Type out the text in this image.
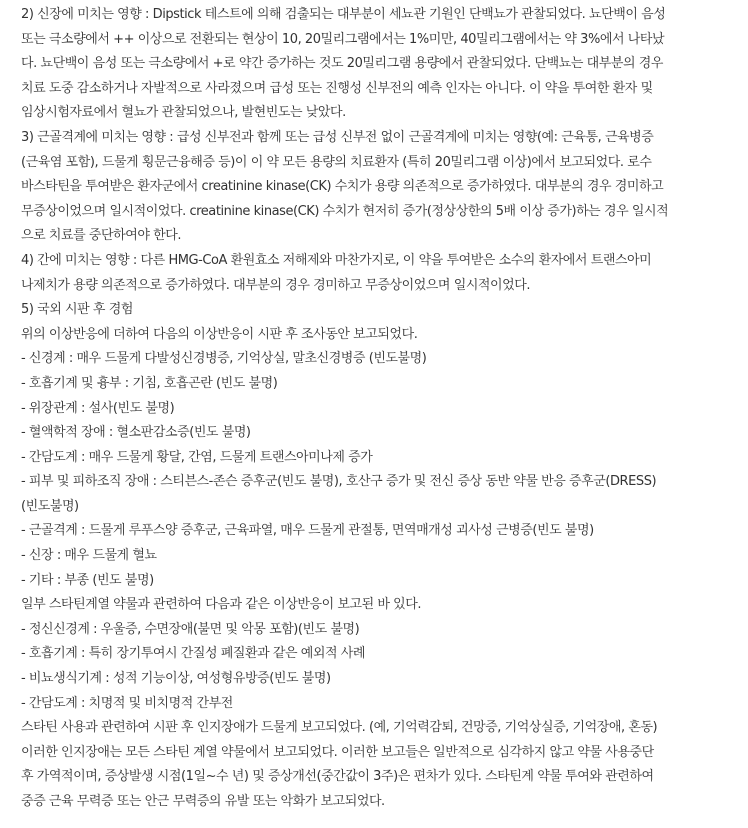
2) 신장에 미치는 영향 : Dipstick 테스트에 의해 검출되는 대부분이 세뇨관 기원인 단백뇨가 관찰되었다. 뇨단백이 음성
또는 극소량에서 ++ 이상으로 전환되는 현상이 10, 20밀리그램에서는 1%미만, 40밀리그램에서는 약 3%에서 나타났
다. 뇨단백이 음성 또는 극소량에서 +로 약간 증가하는 것도 20밀리그램 용량에서 관찰되었다. 단백뇨는 대부분의 경우
치료 도중 감소하거나 자발적으로 사라졌으며 급성 또는 진행성 신부전의 예측 인자는 아니다. 이 약을 투여한 환자 및
임상시험자료에서 혈뇨가 관찰되었으나, 발현빈도는 낮았다.
3) 근골격계에 미치는 영향 : 급성 신부전과 함께 또는 급성 신부전 없이 근골격계에 미치는 영향(예: 근육통, 근육병증
(근육염 포함), 드물게 횡문근융해증 등)이 이 약 모든 용량의 치료환자 (특히 20밀리그램 이상)에서 보고되었다. 로수
바스타틴을 투여받은 환자군에서 creatinine kinase(CK) 수치가 용량 의존적으로 증가하였다. 대부분의 경우 경미하고
무증상이었으며 일시적이었다. creatinine kinase(CK) 수치가 현저히 증가(정상상한의 5배 이상 증가)하는 경우 일시적
으로 치료를 중단하여야 한다.
4) 간에 미치는 영향 : 다른 HMG-CoA 환원효소 저해제와 마찬가지로, 이 약을 투여받은 소수의 환자에서 트랜스아미
나제치가 용량 의존적으로 증가하였다. 대부분의 경우 경미하고 무증상이었으며 일시적이었다.
5) 국외 시판 후 경험
위의 이상반응에 더하여 다음의 이상반응이 시판 후 조사동안 보고되었다.
- 신경계 : 매우 드물게 다발성신경병증, 기억상실, 말초신경병증 (빈도불명)
- 호흡기계 및 흉부 : 기침, 호흡곤란 (빈도 불명)
- 위장관계 : 설사(빈도 불명)
- 혈액학적 장애 : 혈소판감소증(빈도 불명)
- 간담도계 : 매우 드물게 황달, 간염, 드물게 트랜스아미나제 증가
- 피부 및 피하조직 장애 : 스티븐스-존슨 증후군(빈도 불명), 호산구 증가 및 전신 증상 동반 약물 반응 증후군(DRESS)
(빈도불명)
- 근골격계 : 드물게 루푸스양 증후군, 근육파열, 매우 드물게 관절통, 면역매개성 괴사성 근병증(빈도 불명)
- 신장 : 매우 드물게 혈뇨
- 기타 : 부종 (빈도 불명)
일부 스타틴계열 약물과 관련하여 다음과 같은 이상반응이 보고된 바 있다.
- 정신신경계 : 우울증, 수면장애(불면 및 악몽 포함)(빈도 불명)
- 호흡기계 : 특히 장기투여시 간질성 폐질환과 같은 예외적 사례
- 비뇨생식기계 : 성적 기능이상, 여성형유방증(빈도 불명)
- 간담도계 : 치명적 및 비치명적 간부전
스타틴 사용과 관련하여 시판 후 인지장애가 드물게 보고되었다. (예, 기억력감퇴, 건망증, 기억상실증, 기억장애, 혼동)
이러한 인지장애는 모든 스타틴 계열 약물에서 보고되었다. 이러한 보고들은 일반적으로 심각하지 않고 약물 사용중단
후 가역적이며, 증상발생 시점(1일~수 년) 및 증상개선(중간값이 3주)은 편차가 있다. 스타틴계 약물 투여와 관련하여
중증 근육 무력증 또는 안근 무력증의 유발 또는 악화가 보고되었다.
